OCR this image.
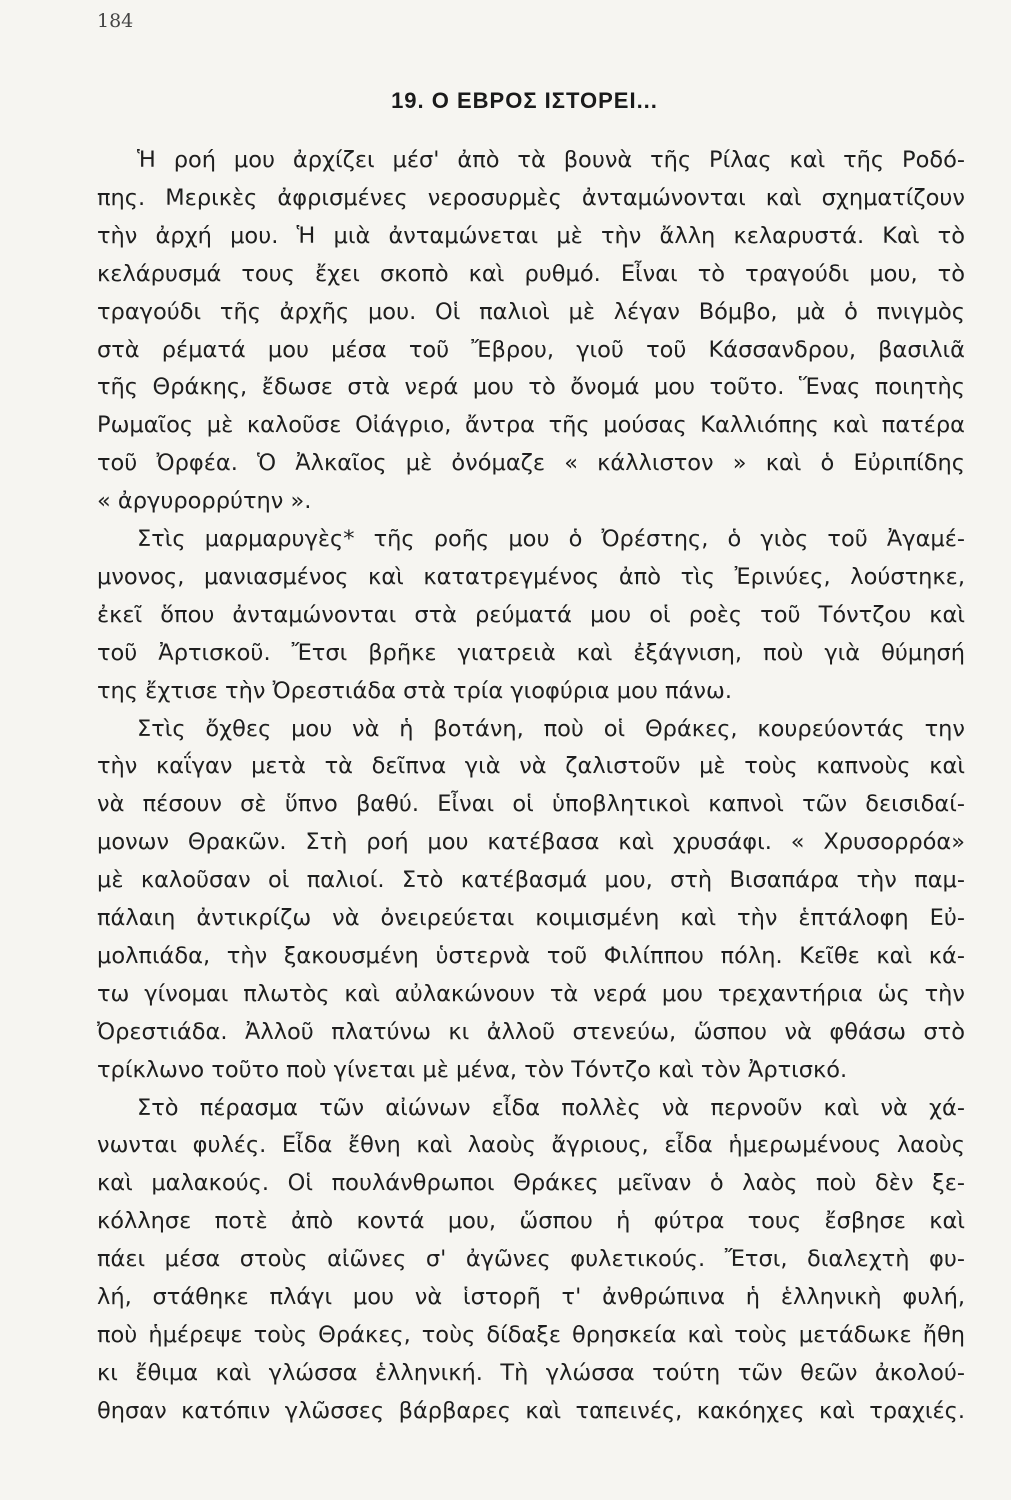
184
19. Ο ΕΒΡΟΣ ΙΣΤΟΡΕΙ...
Ἡ ροή μου ἀρχίζει μέσ' ἀπὸ τὰ βουνὰ τῆς Ρίλας καὶ τῆς Ροδό-
πης. Μερικὲς ἀφρισμένες νεροσυρμὲς ἀνταμώνονται καὶ σχηματίζουν
τὴν ἀρχή μου. Ἡ μιὰ ἀνταμώνεται μὲ τὴν ἄλλη κελαρυστά. Καὶ τὸ
κελάρυσμά τους ἔχει σκοπὸ καὶ ρυθμό. Εἶναι τὸ τραγούδι μου, τὸ
τραγούδι τῆς ἀρχῆς μου. Οἱ παλιοὶ μὲ λέγαν Βόμβο, μὰ ὁ πνιγμὸς
στὰ ρέματά μου μέσα τοῦ Ἔβρου, γιοῦ τοῦ Κάσσανδρου, βασιλιᾶ
τῆς Θράκης, ἔδωσε στὰ νερά μου τὸ ὄνομά μου τοῦτο. Ἕνας ποιητὴς
Ρωμαῖος μὲ καλοῦσε Οἰάγριο, ἄντρα τῆς μούσας Καλλιόπης καὶ πατέρα
τοῦ Ὀρφέα. Ὁ Ἀλκαῖος μὲ ὀνόμαζε « κάλλιστον » καὶ ὁ Εὐριπίδης
« ἀργυρορρύτην ».
Στὶς μαρμαρυγὲς* τῆς ροῆς μου ὁ Ὀρέστης, ὁ γιὸς τοῦ Ἀγαμέ-
μνονος, μανιασμένος καὶ κατατρεγμένος ἀπὸ τὶς Ἐρινύες, λούστηκε,
ἐκεῖ ὅπου ἀνταμώνονται στὰ ρεύματά μου οἱ ροὲς τοῦ Τόντζου καὶ
τοῦ Ἀρτισκοῦ. Ἔτσι βρῆκε γιατρειὰ καὶ ἐξάγνιση, ποὺ γιὰ θύμησή
της ἔχτισε τὴν Ὀρεστιάδα στὰ τρία γιοφύρια μου πάνω.
Στὶς ὄχθες μου νὰ ἡ βοτάνη, ποὺ οἱ Θράκες, κουρεύοντάς την
τὴν καΐγαν μετὰ τὰ δεῖπνα γιὰ νὰ ζαλιστοῦν μὲ τοὺς καπνοὺς καὶ
νὰ πέσουν σὲ ὕπνο βαθύ. Εἶναι οἱ ὑποβλητικοὶ καπνοὶ τῶν δεισιδαί-
μονων Θρακῶν. Στὴ ροή μου κατέβασα καὶ χρυσάφι. « Χρυσορρόα»
μὲ καλοῦσαν οἱ παλιοί. Στὸ κατέβασμά μου, στὴ Βισαπάρα τὴν παμ-
πάλαιη ἀντικρίζω νὰ ὀνειρεύεται κοιμισμένη καὶ τὴν ἑπτάλοφη Εὐ-
μολπιάδα, τὴν ξακουσμένη ὑστερνὰ τοῦ Φιλίππου πόλη. Κεῖθε καὶ κά-
τω γίνομαι πλωτὸς καὶ αὐλακώνουν τὰ νερά μου τρεχαντήρια ὡς τὴν
Ὀρεστιάδα. Ἀλλοῦ πλατύνω κι ἀλλοῦ στενεύω, ὥσπου νὰ φθάσω στὸ
τρίκλωνο τοῦτο ποὺ γίνεται μὲ μένα, τὸν Τόντζο καὶ τὸν Ἀρτισκό.
Στὸ πέρασμα τῶν αἰώνων εἶδα πολλὲς νὰ περνοῦν καὶ νὰ χά-
νωνται φυλές. Εἶδα ἔθνη καὶ λαοὺς ἄγριους, εἶδα ἡμερωμένους λαοὺς
καὶ μαλακούς. Οἱ πουλάνθρωποι Θράκες μεῖναν ὁ λαὸς ποὺ δὲν ξε-
κόλλησε ποτὲ ἀπὸ κοντά μου, ὥσπου ἡ φύτρα τους ἔσβησε καὶ
πάει μέσα στοὺς αἰῶνες σ' ἀγῶνες φυλετικούς. Ἔτσι, διαλεχτὴ φυ-
λή, στάθηκε πλάγι μου νὰ ἱστορῆ τ' ἀνθρώπινα ἡ ἑλληνικὴ φυλή,
ποὺ ἡμέρεψε τοὺς Θράκες, τοὺς δίδαξε θρησκεία καὶ τοὺς μετάδωκε ἤθη
κι ἔθιμα καὶ γλώσσα ἑλληνική. Τὴ γλώσσα τούτη τῶν θεῶν ἀκολού-
θησαν κατόπιν γλῶσσες βάρβαρες καὶ ταπεινές, κακόηχες καὶ τραχιές.
